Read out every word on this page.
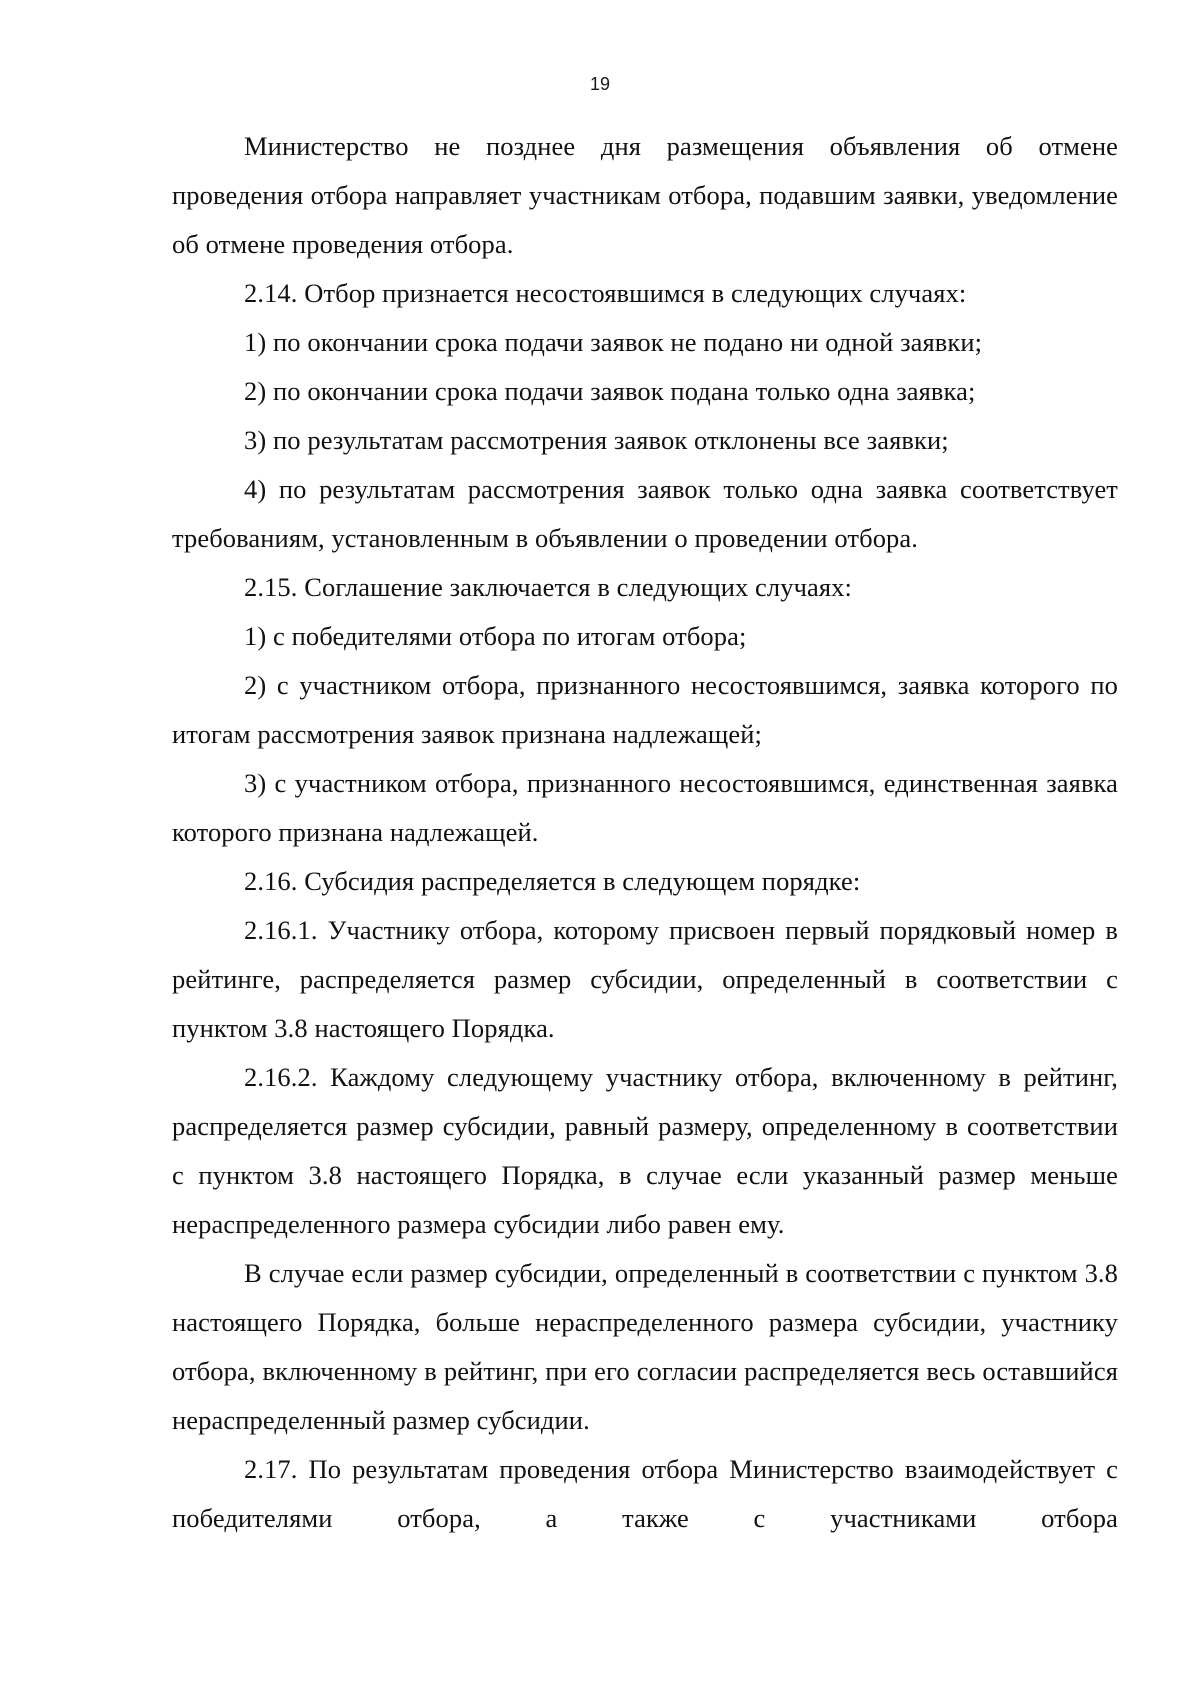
19

Министерство не позднее дня размещения объявления об отмене проведения отбора направляет участникам отбора, подавшим заявки, уведомление об отмене проведения отбора.

2.14. Отбор признается несостоявшимся в следующих случаях:

1) по окончании срока подачи заявок не подано ни одной заявки;

2) по окончании срока подачи заявок подана только одна заявка;

3) по результатам рассмотрения заявок отклонены все заявки;

4) по результатам рассмотрения заявок только одна заявка соответствует требованиям, установленным в объявлении о проведении отбора.

2.15. Соглашение заключается в следующих случаях:

1) с победителями отбора по итогам отбора;

2) с участником отбора, признанного несостоявшимся, заявка которого по итогам рассмотрения заявок признана надлежащей;

3) с участником отбора, признанного несостоявшимся, единственная заявка которого признана надлежащей.

2.16. Субсидия распределяется в следующем порядке:

2.16.1. Участнику отбора, которому присвоен первый порядковый номер в рейтинге, распределяется размер субсидии, определенный в соответствии с пунктом 3.8 настоящего Порядка.

2.16.2. Каждому следующему участнику отбора, включенному в рейтинг, распределяется размер субсидии, равный размеру, определенному в соответствии с пунктом 3.8 настоящего Порядка, в случае если указанный размер меньше нераспределенного размера субсидии либо равен ему.

В случае если размер субсидии, определенный в соответствии с пунктом 3.8 настоящего Порядка, больше нераспределенного размера субсидии, участнику отбора, включенному в рейтинг, при его согласии распределяется весь оставшийся нераспределенный размер субсидии.

2.17. По результатам проведения отбора Министерство взаимодействует с победителями отбора, а также с участниками отбора
